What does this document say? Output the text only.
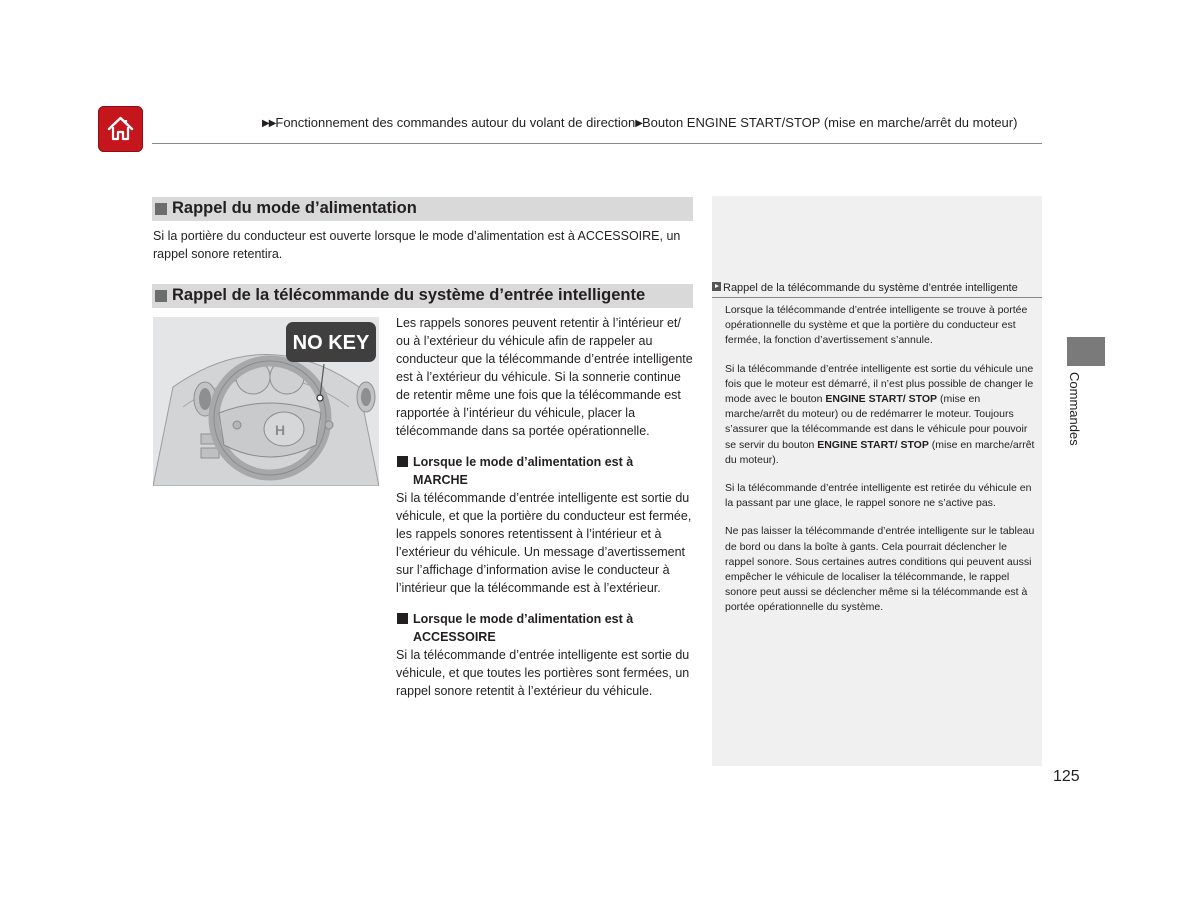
▶▶Fonctionnement des commandes autour du volant de direction▶Bouton ENGINE START/STOP (mise en marche/arrêt du moteur)
Rappel du mode d’alimentation
Si la portière du conducteur est ouverte lorsque le mode d’alimentation est à ACCESSOIRE, un rappel sonore retentira.
Rappel de la télécommande du système d’entrée intelligente
H
NO KEY
Les rappels sonores peuvent retentir à l’intérieur et/ ou à l’extérieur du véhicule afin de rappeler au conducteur que la télécommande d’entrée intelligente est à l’extérieur du véhicule. Si la sonnerie continue de retentir même une fois que la télécommande est rapportée à l’intérieur du véhicule, placer la télécommande dans sa portée opérationnelle.
Lorsque le mode d’alimentation est à
MARCHE
Si la télécommande d’entrée intelligente est sortie du véhicule, et que la portière du conducteur est fermée, les rappels sonores retentissent à l’intérieur et à l’extérieur du véhicule. Un message d’avertissement sur l’affichage d’information avise le conducteur à l’intérieur que la télécommande est à l’extérieur.
Lorsque le mode d’alimentation est à
ACCESSOIRE
Si la télécommande d’entrée intelligente est sortie du véhicule, et que toutes les portières sont fermées, un rappel sonore retentit à l’extérieur du véhicule.
Rappel de la télécommande du système d’entrée intelligente

Lorsque la télécommande d’entrée intelligente se trouve à portée opérationnelle du système et que la portière du conducteur est fermée, la fonction d’avertissement s’annule.

Si la télécommande d’entrée intelligente est sortie du véhicule une fois que le moteur est démarré, il n’est plus possible de changer le mode avec le bouton ENGINE START/ STOP (mise en marche/arrêt du moteur) ou de redémarrer le moteur. Toujours s’assurer que la télécommande est dans le véhicule pour pouvoir se servir du bouton ENGINE START/ STOP (mise en marche/arrêt du moteur).

Si la télécommande d’entrée intelligente est retirée du véhicule en la passant par une glace, le rappel sonore ne s’active pas.

Ne pas laisser la télécommande d’entrée intelligente sur le tableau de bord ou dans la boîte à gants. Cela pourrait déclencher le rappel sonore. Sous certaines autres conditions qui peuvent aussi empêcher le véhicule de localiser la télécommande, le rappel sonore peut aussi se déclencher même si la télécommande est à portée opérationnelle du système.

Commandes
125
